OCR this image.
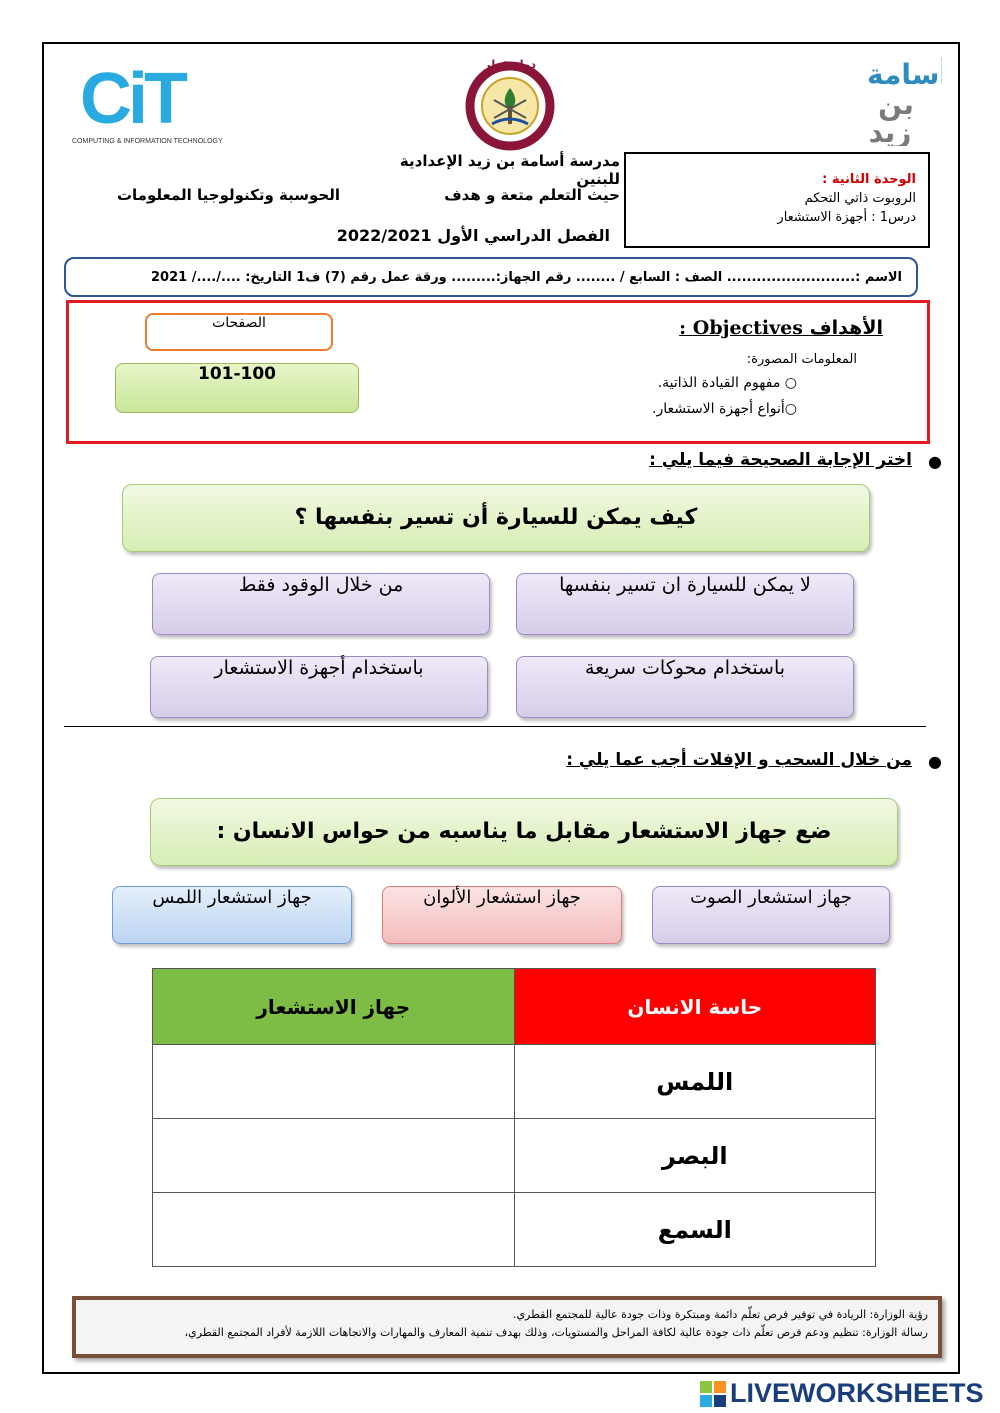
CiT
COMPUTING & INFORMATION TECHNOLOGY
دولة قطر	أسامة
بن
زيد
مدرسة أسامة بن زيد الإعدادية للبنين
حيث التعلم متعة و هدف
الحوسبة وتكنولوجيا المعلومات
الفصل الدراسي الأول 2022/2021
الوحدة الثانية :
الروبوت ذاتي التحكم
درس1 : أجهزة الاستشعار
الاسم :.......................... الصف : السابع / ........ رقم الجهاز:......... ورقة عمل رقم (7) ف1 التاريخ: ..../..../ 2021
الأهداف Objectives :
المعلومات المصورة:
○ مفهوم القيادة الذاتية.
○أنواع أجهزة الاستشعار.
الصفحات
101-100
●
اختر الإجابة الصحيحة فيما يلي :
كيف يمكن للسيارة أن تسير بنفسها ؟
لا يمكن للسيارة ان تسير بنفسها
من خلال الوقود فقط
باستخدام محوكات سريعة
باستخدام أجهزة الاستشعار
●
من خلال السحب و الإفلات أجب عما يلي :
ضع جهاز الاستشعار مقابل ما يناسبه من حواس الانسان :
جهاز استشعار الصوت
جهاز استشعار الألوان
جهاز استشعار اللمس
حاسة الانسان	جهاز الاستشعار
اللمس	
البصر	
السمع	
رؤية الوزارة: الريادة في توفير فرص تعلّم دائمة ومبتكرة وذات جودة عالية للمجتمع القطري.
رسالة الوزارة: تنظيم ودعم فرص تعلّم ذات جودة عالية لكافة المراحل والمستويات، وذلك بهدف تنمية المعارف والمهارات والاتجاهات اللازمة لأفراد المجتمع القطري،
LIVEWORKSHEETS
